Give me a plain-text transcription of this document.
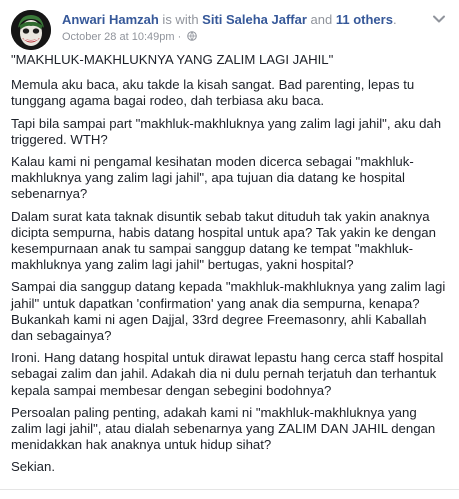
Anwari Hamzah is with Siti Saleha Jaffar and 11 others.
October 28 at 10:49pm ·

"MAKHLUK-MAKHLUKNYA YANG ZALIM LAGI JAHIL"

Memula aku baca, aku takde la kisah sangat. Bad parenting, lepas tu tunggang agama bagai rodeo, dah terbiasa aku baca.

Tapi bila sampai part "makhluk-makhluknya yang zalim lagi jahil", aku dah triggered. WTH?

Kalau kami ni pengamal kesihatan moden dicerca sebagai "makhluk-makhluknya yang zalim lagi jahil", apa tujuan dia datang ke hospital sebenarnya?

Dalam surat kata taknak disuntik sebab takut dituduh tak yakin anaknya dicipta sempurna, habis datang hospital untuk apa? Tak yakin ke dengan kesempurnaan anak tu sampai sanggup datang ke tempat "makhluk-makhluknya yang zalim lagi jahil" bertugas, yakni hospital?

Sampai dia sanggup datang kepada "makhluk-makhluknya yang zalim lagi jahil" untuk dapatkan 'confirmation' yang anak dia sempurna, kenapa? Bukankah kami ni agen Dajjal, 33rd degree Freemasonry, ahli Kaballah dan sebagainya?

Ironi. Hang datang hospital untuk dirawat lepastu hang cerca staff hospital sebagai zalim dan jahil. Adakah dia ni dulu pernah terjatuh dan terhantuk kepala sampai membesar dengan sebegini bodohnya?

Persoalan paling penting, adakah kami ni "makhluk-makhluknya yang zalim lagi jahil", atau dialah sebenarnya yang ZALIM DAN JAHIL dengan menidakkan hak anaknya untuk hidup sihat?

Sekian.
